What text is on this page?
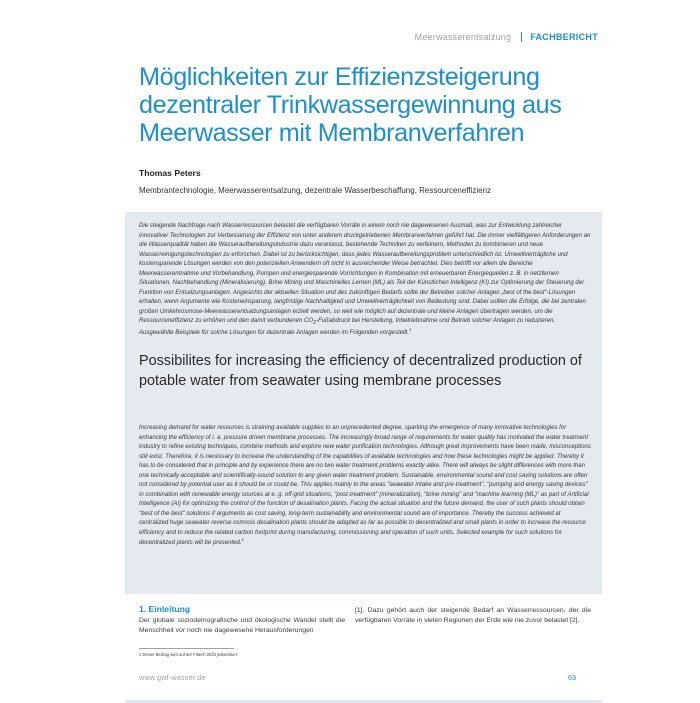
Meerwasserentsalzung FACHBERICHT
Möglichkeiten zur Effizienzsteigerung
dezentraler Trinkwassergewinnung aus
Meerwasser mit Membranverfahren
Thomas Peters
Membrantechnologie, Meerwasserentsalzung, dezentrale Wasserbeschaffung, Ressourceneffizienz

Die steigende Nachfrage nach Wasserressourcen belastet die verfügbaren Vorräte in einem noch nie dagewesenen Ausmaß, was zur Entwicklung zahlreicher innovativer Technologien zur Verbesserung der Effizienz von unter anderem druckgetriebenen Membranverfahren geführt hat. Die immer vielfältigeren Anforderungen an die Wasserqualität haben die Wasseraufbereitungsindustrie dazu veranlasst, bestehende Techniken zu verfeinern, Methoden zu kombinieren und neue Wasserreinigungstechnologien zu erforschen. Dabei ist zu berücksichtigen, dass jedes Wasseraufbereitungsproblem unterschiedlich ist. Umweltverträgliche und kostensparende Lösungen werden von den potenziellen Anwendern oft nicht in ausreichender Weise betrachtet. Dies betrifft vor allem die Bereiche Meerwasserentnahme und Vorbehandlung, Pumpen und energiesparende Vorrichtungen in Kombination mit erneuerbaren Energiequellen z. B. in netzfernen Situationen, Nachbehandlung (Mineralisierung), Brine Mining und Maschinelles Lernen (ML) als Teil der Künstlichen Intelligenz (KI) zur Optimierung der Steuerung der Funktion von Entsalzungsanlagen. Angesichts der aktuellen Situation und des zukünftigen Bedarfs sollte der Betreiber solcher Anlagen „best of the best“-Lösungen erhalten, wenn Argumente wie Kosteneinsparung, langfristige Nachhaltigkeit und Umweltverträglichkeit von Bedeutung sind. Dabei sollten die Erfolge, die bei zentralen großen Umkehrosmose-Meerwasserentsalzungsanlagen erzielt werden, so weit wie möglich auf dezentrale und kleine Anlagen übertragen werden, um die Ressourceneffizienz zu erhöhen und den damit verbundenen $CO_2$-Fußabdruck bei Herstellung, Inbetriebnahme und Betrieb solcher Anlagen zu reduzieren. Ausgewählte Beispiele für solche Lösungen für dezentrale Anlagen werden im Folgenden vorgestellt.$^1$

Possibilites for increasing the efficiency of decentralized production of potable water from seawater using membrane processes

Increasing demand for water resources is straining available supplies to an unprecedented degree, sparking the emergence of many innovative technologies for enhancing the efficiency of i. a. pressure driven membrane processes. The increasingly broad range of requirements for water quality has motivated the water treatment industry to refine existing techniques, combine methods and explore new water purification technologies. Although great improvements have been made, misconceptions still exist. Therefore, it is necessary to increase the understanding of the capabilities of available technologies and how these technologies might be applied. Thereby it has to be considered that in principle and by experience there are no two water treatment problems exactly alike. There will always be slight differences with more than one technically acceptable and scientifically-sound solution to any given water treatment problem. Sustainable, environmental sound and cost saving solutions are often not considered by potential user as it should be or could be. This applies mainly to the areas "seawater intake and pre-treatment", "pumping and energy saving devices" in combination with renewable energy sources at e. g. off-grid situations, "post-treatment" (mineralization), "brine mining" and "machine learning (ML)" as part of Artificial Intelligence (AI) for optimizing the control of the function of desalination plants. Facing the actual situation and the future demand, the user of such plants should obtain "best of the best" solutions if arguments as cost saving, long-term sustainability and environmental sound are of importance. Thereby the success achieved at centralized huge seawater reverse osmosis desalination plants should be adapted as far as possible to decentralized and small plants in order to increase the resource efficiency and to reduce the related carbon footprint during manufacturing, commissioning and operation of such units. Selected example for such solutions for decentralized plants will be presented.$^1$

1. Einleitung

Der globale soziodemografische und ökologische Wandel stellt die Menschheit vor noch nie dagewesene Herausforderungen

[1]. Dazu gehört auch der steigende Bedarf an Wasserressourcen, der die verfügbaren Vorräte in vielen Regionen der Erde wie nie zuvor belastet [2].

1 Dieser Beitrag wird auf der Filtech 2022 präsentiert.
www.gwf-wasser.de	63
